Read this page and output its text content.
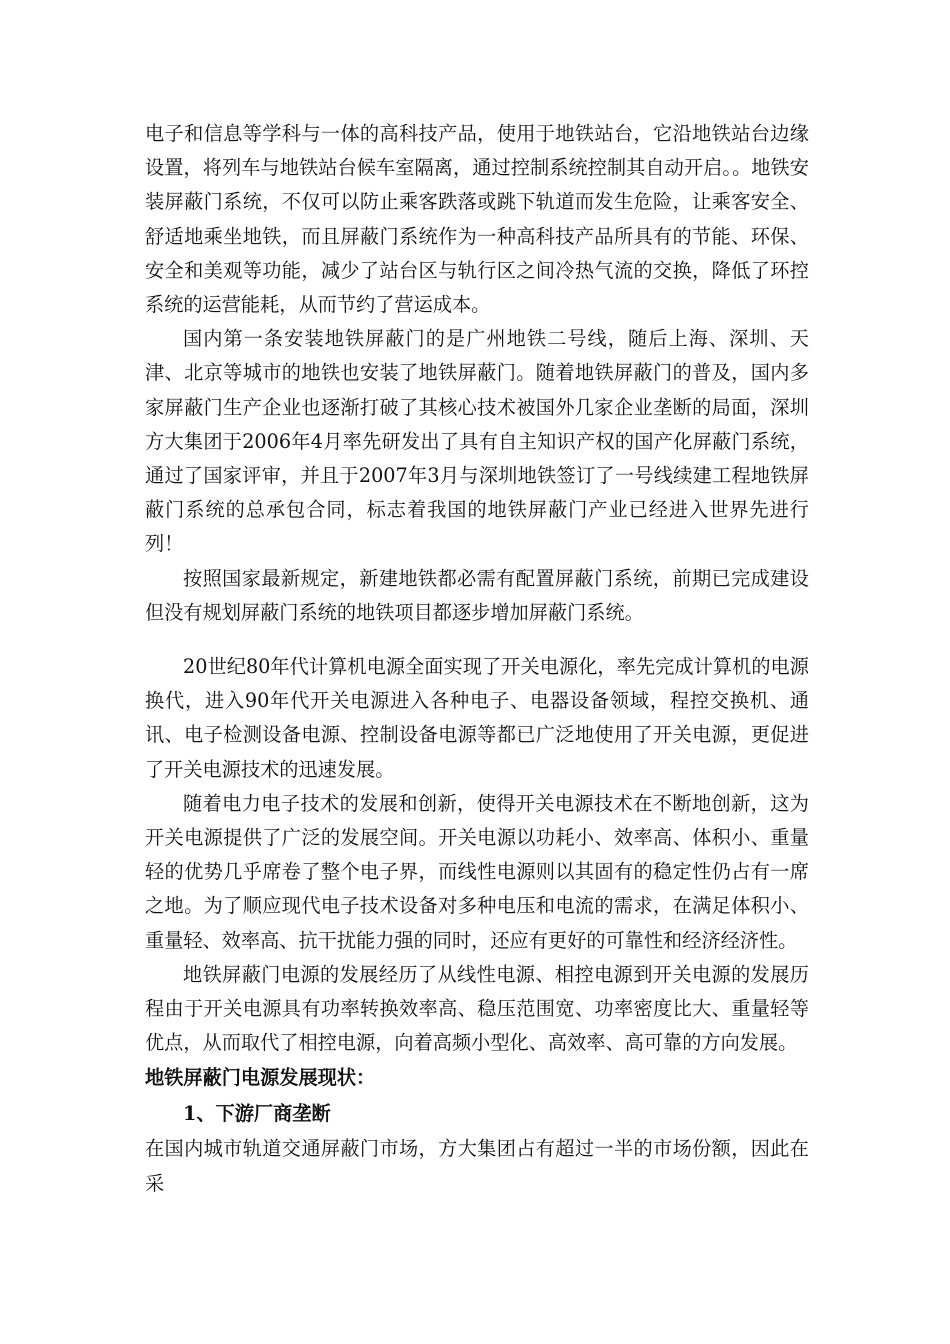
电子和信息等学科与一体的高科技产品，使用于地铁站台，它沿地铁站台边缘设置，将列车与地铁站台候车室隔离，通过控制系统控制其自动开启。。地铁安装屏蔽门系统，不仅可以防止乘客跌落或跳下轨道而发生危险，让乘客安全、舒适地乘坐地铁，而且屏蔽门系统作为一种高科技产品所具有的节能、环保、安全和美观等功能，减少了站台区与轨行区之间冷热气流的交换，降低了环控系统的运营能耗，从而节约了营运成本。

国内第一条安装地铁屏蔽门的是广州地铁二号线，随后上海、深圳、天津、北京等城市的地铁也安装了地铁屏蔽门。随着地铁屏蔽门的普及，国内多家屏蔽门生产企业也逐渐打破了其核心技术被国外几家企业垄断的局面，深圳方大集团于2006年4月率先研发出了具有自主知识产权的国产化屏蔽门系统，通过了国家评审，并且于2007年3月与深圳地铁签订了一号线续建工程地铁屏蔽门系统的总承包合同，标志着我国的地铁屏蔽门产业已经进入世界先进行列！

按照国家最新规定，新建地铁都必需有配置屏蔽门系统，前期已完成建设但没有规划屏蔽门系统的地铁项目都逐步增加屏蔽门系统。

20世纪80年代计算机电源全面实现了开关电源化，率先完成计算机的电源换代，进入90年代开关电源进入各种电子、电器设备领域，程控交换机、通讯、电子检测设备电源、控制设备电源等都已广泛地使用了开关电源，更促进了开关电源技术的迅速发展。

随着电力电子技术的发展和创新，使得开关电源技术在不断地创新，这为开关电源提供了广泛的发展空间。开关电源以功耗小、效率高、体积小、重量轻的优势几乎席卷了整个电子界，而线性电源则以其固有的稳定性仍占有一席之地。为了顺应现代电子技术设备对多种电压和电流的需求，在满足体积小、重量轻、效率高、抗干扰能力强的同时，还应有更好的可靠性和经济经济性。

地铁屏蔽门电源的发展经历了从线性电源、相控电源到开关电源的发展历程由于开关电源具有功率转换效率高、稳压范围宽、功率密度比大、重量轻等优点，从而取代了相控电源，向着高频小型化、高效率、高可靠的方向发展。

地铁屏蔽门电源发展现状：
1、下游厂商垄断

在国内城市轨道交通屏蔽门市场，方大集团占有超过一半的市场份额，因此在采
